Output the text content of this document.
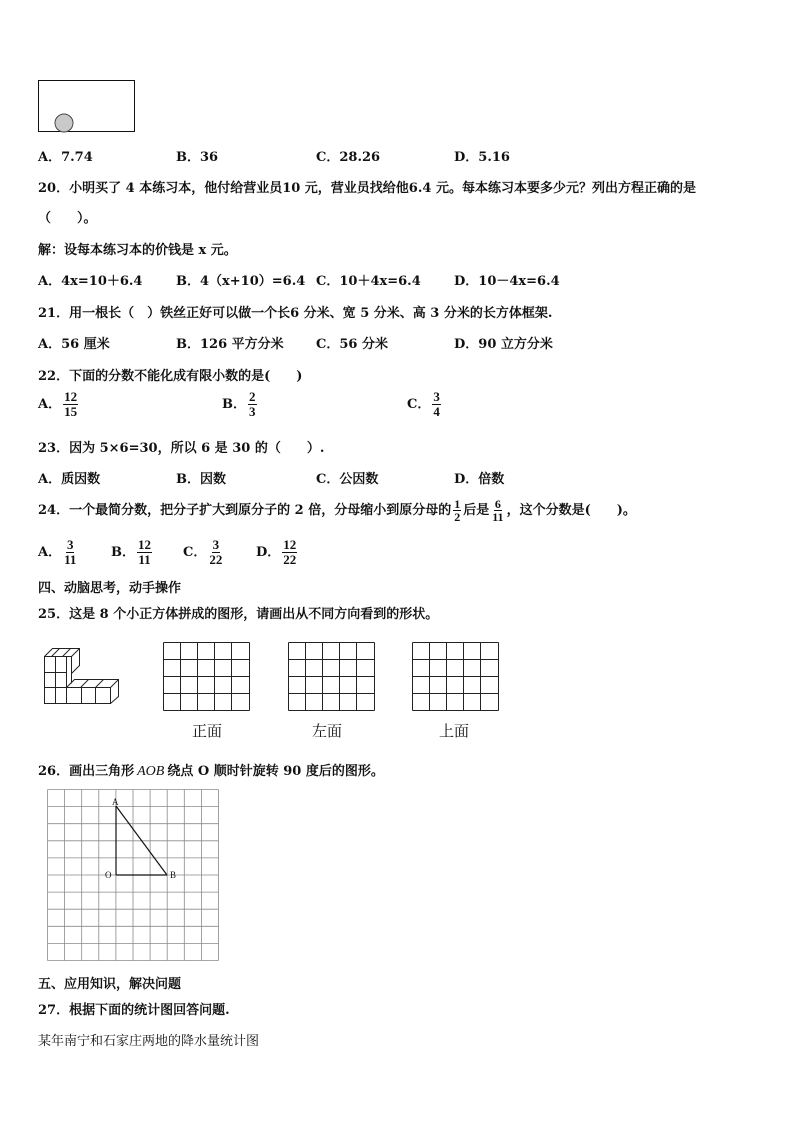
A．7.74	B．36	C．28.26	D．5.16
20．小明买了 4 本练习本，他付给营业员10 元，营业员找给他6.4 元。每本练习本要多少元？列出方程正确的是
（　　）。
解：设每本练习本的价钱是 x 元。
A．4x=10＋6.4	B．4（x+10）=6.4 C．10＋4x=6.4	D．10－4x=6.4
21．用一根长（　）铁丝正好可以做一个长6 分米、宽 5 分米、高 3 分米的长方体框架.
A．56 厘米	B．126 平方分米 C．56 分米	D．90 立方分米
22．下面的分数不能化成有限小数的是(　　)
A． $\frac{12}{15}$	B． $\frac{2}{3}$	C． $\frac{3}{4}$
23．因为 5×6=30，所以 6 是 30 的（　　）.
A．质因数	B．因数	C．公因数	D．倍数
24．一个最简分数，把分子扩大到原分子的 2 倍，分母缩小到原分母的 $\frac{1}{2}$ 后是 $\frac{6}{11}$ ，这个分数是(　　)。
A． $\frac{3}{11}$	B． $\frac{12}{11}$ C． $\frac{3}{22}$	D． $\frac{12}{22}$
四、动脑思考，动手操作
25．这是 8 个小正方体拼成的图形，请画出从不同方向看到的形状。
正面	左面	上面
26．画出三角形 AOB 绕点 O 顺时针旋转 90 度后的图形。
A
O	B
五、应用知识，解决问题
27．根据下面的统计图回答问题.
某年南宁和石家庄两地的降水量统计图
